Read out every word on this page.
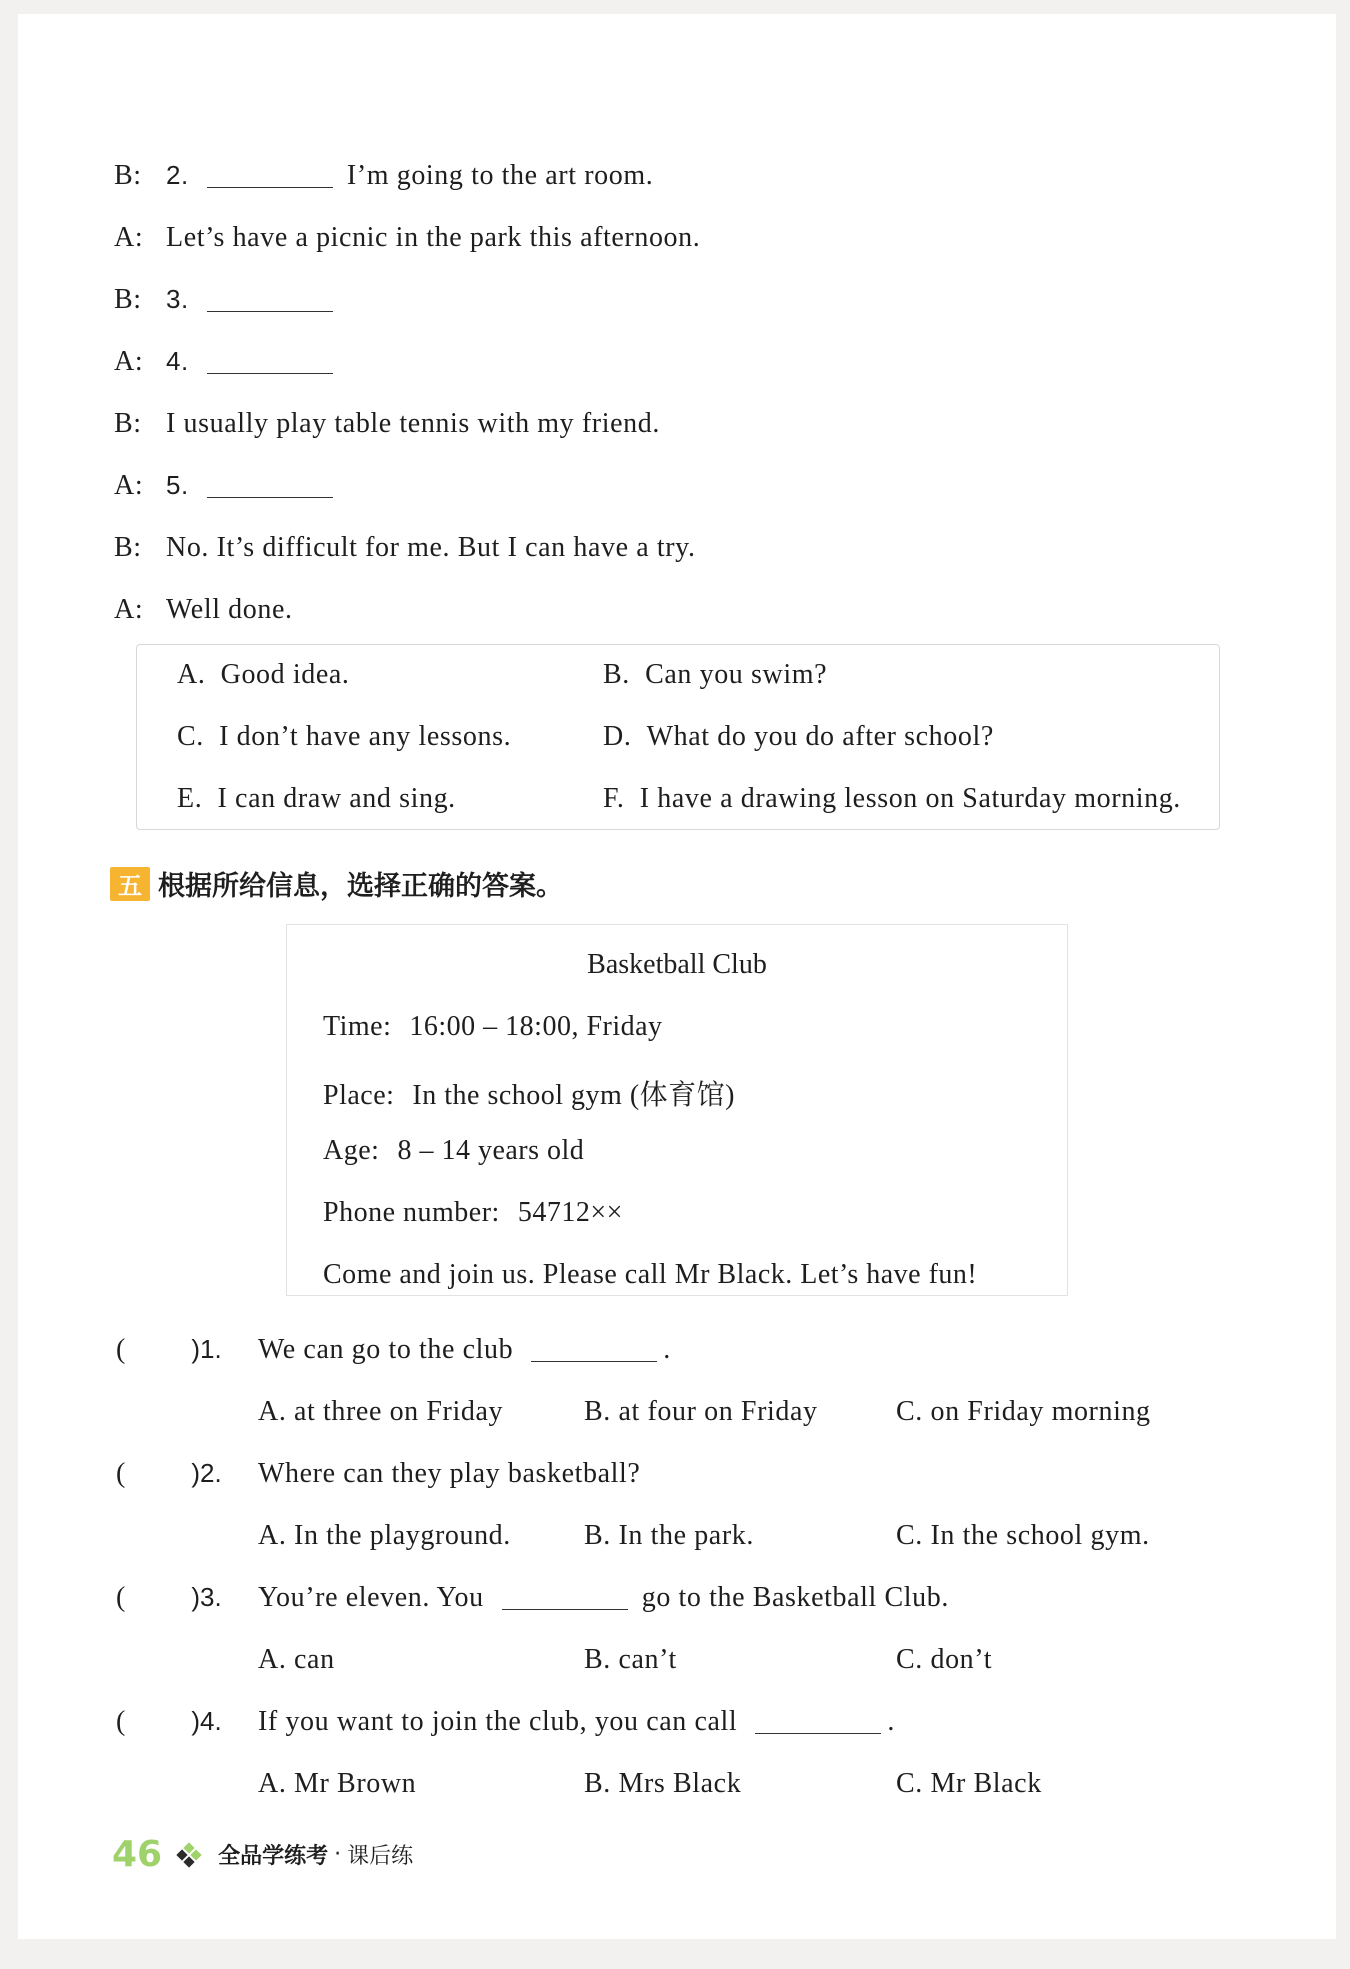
B: 2.	I’m going to the art room.
A: Let’s have a picnic in the park this afternoon.
B: 3.
A: 4.
B: I usually play table tennis with my friend.
A: 5.
B: No. It’s difficult for me. But I can have a try.
A: Well done.
A. Good idea.	B. Can you swim?
C. I don’t have any lessons.	D. What do you do after school?
E. I can draw and sing.	F. I have a drawing lesson on Saturday morning.
五 根据所给信息，选择正确的答案。
Basketball Club
Time: 16:00 – 18:00, Friday
Place: In the school gym (体育馆)
Age: 8 – 14 years old
Phone number: 54712××
Come and join us. Please call Mr Black. Let’s have fun!
(	)1. We can go to the club	.
A. at three on Friday	B. at four on Friday	C. on Friday morning
(	)2. Where can they play basketball?
A. In the playground.	B. In the park.	C. In the school gym.
(	)3. You’re eleven. You	go to the Basketball Club.
A. can	B. can’t	C. don’t
(	)4. If you want to join the club, you can call	.
A. Mr Brown	B. Mrs Black	C. Mr Black
46	全品学练考 · 课后练
